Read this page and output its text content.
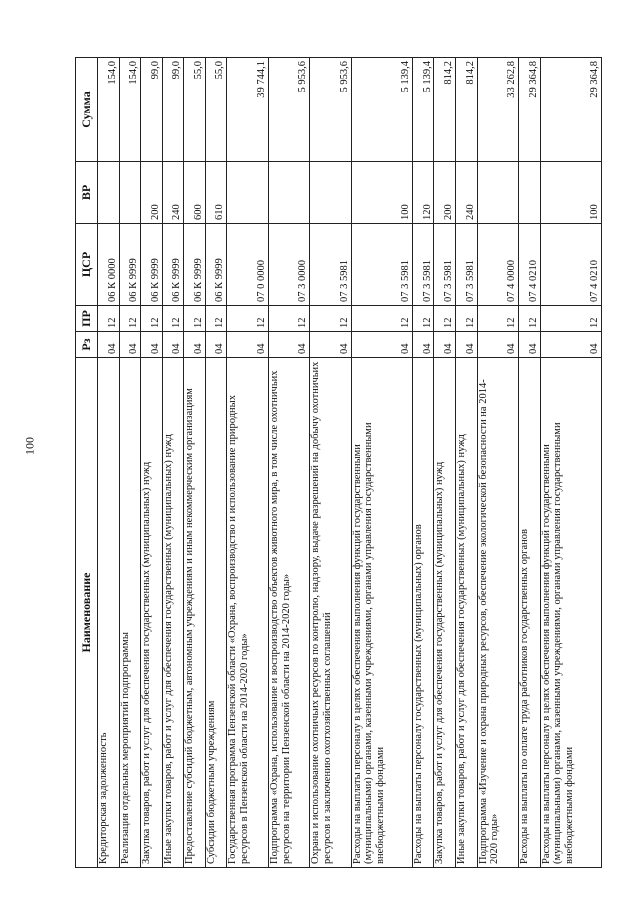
100
Наименование	Рз	ПР	ЦСР	ВР	Сумма
Кредиторская задолженность	04	12	06 К 0000		154,0
Реализация отдельных мероприятий подпрограммы	04	12	06 К 9999		154,0
Закупка товаров, работ и услуг для обеспечения государственных (муниципальных) нужд	04	12	06 К 9999	200	99,0
Иные закупки товаров, работ и услуг для обеспечения государственных (муниципальных) нужд	04	12	06 К 9999	240	99,0
Предоставление субсидий бюджетным, автономным учреждениям и иным некоммерческим организациям	04	12	06 К 9999	600	55,0
Субсидии бюджетным учреждениям	04	12	06 К 9999	610	55,0
Государственная программа Пензенской области «Охрана, воспроизводство и использование природных ресурсов в Пензенской области на 2014-2020 годы»	04	12	07 0 0000		39 744,1
Подпрограмма «Охрана, использование и воспроизводство объектов животного мира, в том числе охотничьих ресурсов на территории Пензенской области на 2014-2020 годы»	04	12	07 3 0000		5 953,6
Охрана и использование охотничьих ресурсов по контролю, надзору, выдаче разрешений на добычу охотничьих ресурсов и заключению охотхозяйственных соглашений	04	12	07 3 5981		5 953,6
Расходы на выплаты персоналу в целях обеспечения выполнения функций государственными (муниципальными) органами, казенными учреждениями, органами управления государственными внебюджетными фондами	04	12	07 3 5981	100	5 139,4
Расходы на выплаты персоналу государственных (муниципальных) органов	04	12	07 3 5981	120	5 139,4
Закупка товаров, работ и услуг для обеспечения государственных (муниципальных) нужд	04	12	07 3 5981	200	814,2
Иные закупки товаров, работ и услуг для обеспечения государственных (муниципальных) нужд	04	12	07 3 5981	240	814,2
Подпрограмма «Изучение и охрана природных ресурсов, обеспечение экологической безопасности на 2014-2020 годы»	04	12	07 4 0000		33 262,8
Расходы на выплаты по оплате труда работников государственных органов	04	12	07 4 0210		29 364,8
Расходы на выплаты персоналу в целях обеспечения выполнения функций государственными (муниципальными) органами, казенными учреждениями, органами управления государственными внебюджетными фондами	04	12	07 4 0210	100	29 364,8
